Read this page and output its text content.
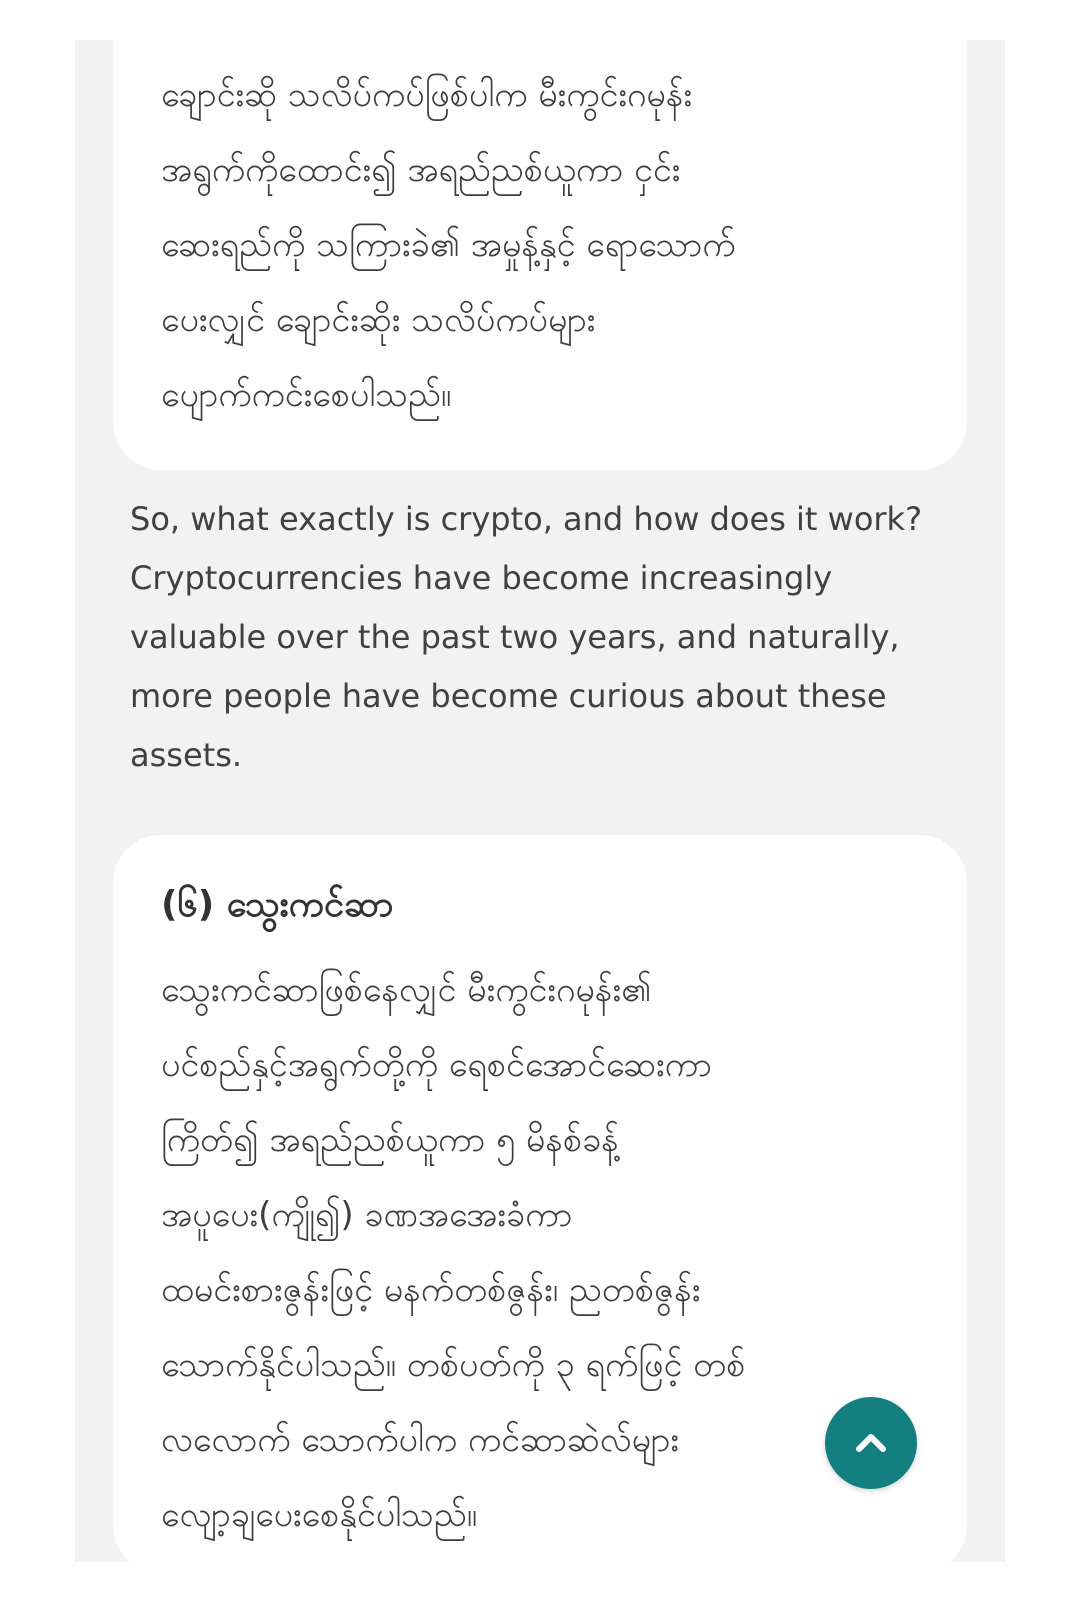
ချောင်းဆို သလိပ်ကပ်ဖြစ်ပါက မီးကွင်းဂမုန်း
အရွက်ကိုထောင်း၍ အရည်ညစ်ယူကာ ငှင်း
ဆေးရည်ကို သကြားခဲ၏ အမှုန့်နှင့် ရောသောက်
ပေးလျှင် ချောင်းဆိုး သလိပ်ကပ်များ
ပျောက်ကင်းစေပါသည်။

So, what exactly is crypto, and how does it work?
Cryptocurrencies have become increasingly
valuable over the past two years, and naturally,
more people have become curious about these
assets.

(၆) သွေးကင်ဆာ

သွေးကင်ဆာဖြစ်နေလျှင် မီးကွင်းဂမုန်း၏
ပင်စည်နှင့်အရွက်တို့ကို ရေစင်အောင်ဆေးကာ
ကြိတ်၍ အရည်ညစ်ယူကာ ၅ မိနစ်ခန့်
အပူပေး(ကျို၍) ခဏအအေးခံကာ
ထမင်းစားဇွန်းဖြင့် မနက်တစ်ဇွန်း၊ ညတစ်ဇွန်း
သောက်နိုင်ပါသည်။ တစ်ပတ်ကို ၃ ရက်ဖြင့် တစ်
လလောက် သောက်ပါက ကင်ဆာဆဲလ်များ
လျော့ချပေးစေနိုင်ပါသည်။
